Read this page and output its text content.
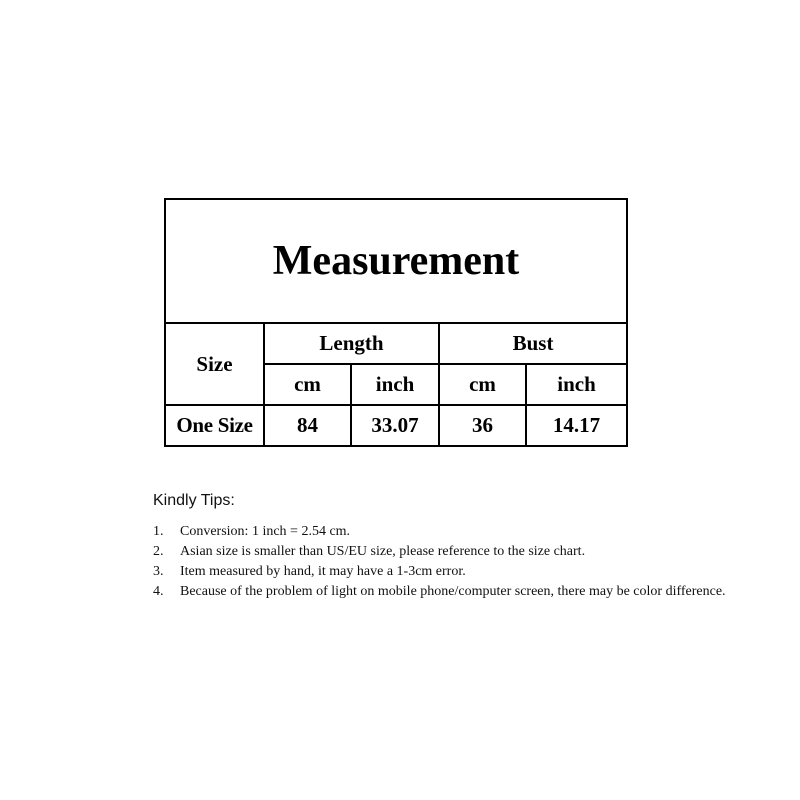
Measurement				
Size	Length		Bust	
	cm	inch	cm	inch
One Size	84	33.07	36	14.17
Kindly Tips:
1. Conversion: 1 inch = 2.54 cm.
2. Asian size is smaller than US/EU size, please reference to the size chart.
3. Item measured by hand, it may have a 1-3cm error.
4. Because of the problem of light on mobile phone/computer screen, there may be color difference.
